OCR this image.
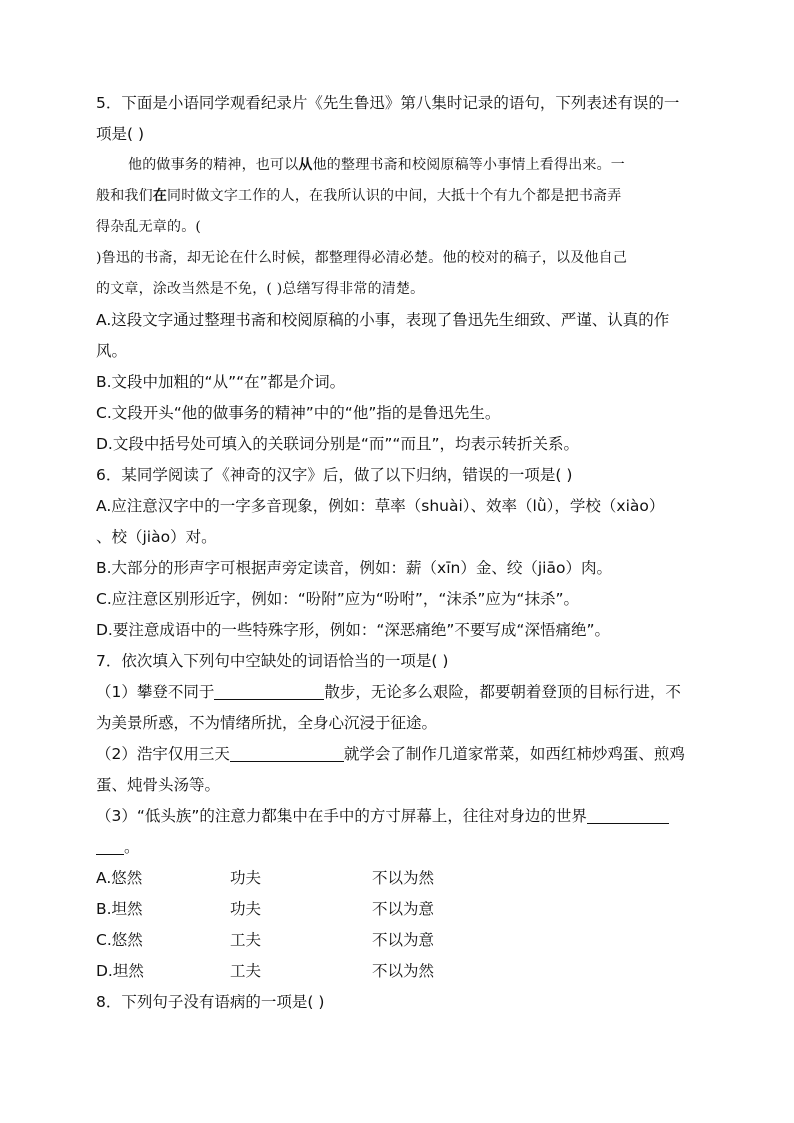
5．下面是小语同学观看纪录片《先生鲁迅》第八集时记录的语句，下列表述有误的一
项是( )
他的做事务的精神，也可以从他的整理书斋和校阅原稿等小事情上看得出来。一
般和我们在同时做文字工作的人，在我所认识的中间，大抵十个有九个都是把书斋弄
得杂乱无章的。(
)鲁迅的书斋，却无论在什么时候，都整理得必清必楚。他的校对的稿子，以及他自己
的文章，涂改当然是不免，( )总缮写得非常的清楚。
A.这段文字通过整理书斋和校阅原稿的小事，表现了鲁迅先生细致、严谨、认真的作
风。
B.文段中加粗的“从”“在”都是介词。
C.文段开头“他的做事务的精神”中的“他”指的是鲁迅先生。
D.文段中括号处可填入的关联词分别是“而”“而且”，均表示转折关系。
6．某同学阅读了《神奇的汉字》后，做了以下归纳，错误的一项是( )
A.应注意汉字中的一字多音现象，例如：草率（shuài）、效率（lǜ），学校（xiào）
、校（jiào）对。
B.大部分的形声字可根据声旁定读音，例如：薪（xīn）金、绞（jiāo）肉。
C.应注意区别形近字，例如：“吩附”应为“吩咐”，“沫杀”应为“抹杀”。
D.要注意成语中的一些特殊字形，例如：“深恶痛绝”不要写成“深悟痛绝”。
7．依次填入下列句中空缺处的词语恰当的一项是( )
（1）攀登不同于	散步，无论多么艰险，都要朝着登顶的目标行进，不
为美景所惑，不为情绪所扰，全身心沉浸于征途。
（2）浩宇仅用三天	就学会了制作几道家常菜，如西红柿炒鸡蛋、煎鸡
蛋、炖骨头汤等。
（3）“低头族”的注意力都集中在手中的方寸屏幕上，往往对身边的世界
。
A.悠然	功夫	不以为然
B.坦然	功夫	不以为意
C.悠然	工夫	不以为意
D.坦然	工夫	不以为然
8．下列句子没有语病的一项是( )
